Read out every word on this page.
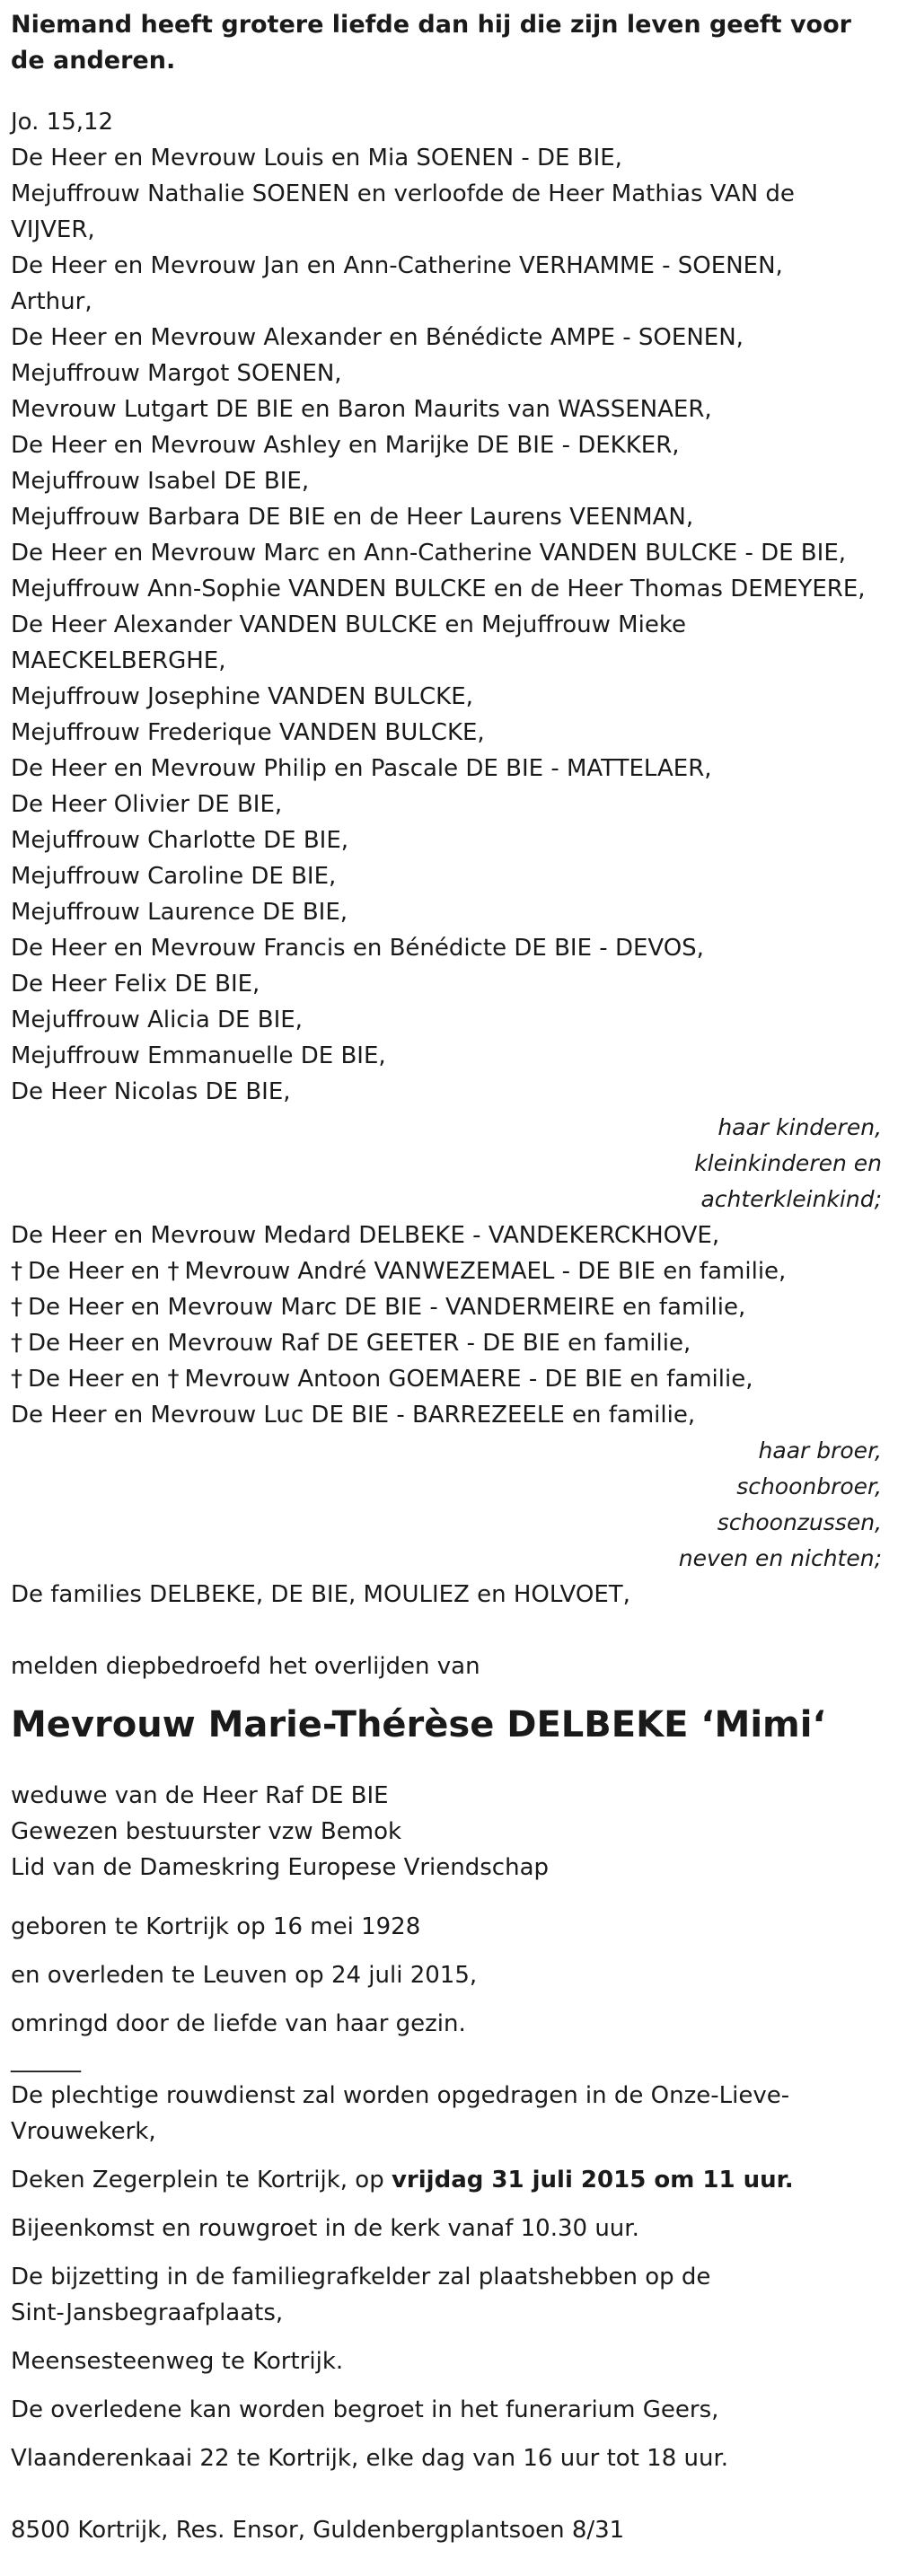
Niemand heeft grotere liefde dan hij die zijn leven geeft voor de anderen.
Jo. 15,12
De Heer en Mevrouw Louis en Mia SOENEN - DE BIE,
Mejuffrouw Nathalie SOENEN en verloofde de Heer Mathias VAN de
VIJVER,
De Heer en Mevrouw Jan en Ann-Catherine VERHAMME - SOENEN,
Arthur,
De Heer en Mevrouw Alexander en Bénédicte AMPE - SOENEN,
Mejuffrouw Margot SOENEN,
Mevrouw Lutgart DE BIE en Baron Maurits van WASSENAER,
De Heer en Mevrouw Ashley en Marijke DE BIE - DEKKER,
Mejuffrouw Isabel DE BIE,
Mejuffrouw Barbara DE BIE en de Heer Laurens VEENMAN,
De Heer en Mevrouw Marc en Ann-Catherine VANDEN BULCKE - DE BIE,
Mejuffrouw Ann-Sophie VANDEN BULCKE en de Heer Thomas DEMEYERE,
De Heer Alexander VANDEN BULCKE en Mejuffrouw Mieke
MAECKELBERGHE,
Mejuffrouw Josephine VANDEN BULCKE,
Mejuffrouw Frederique VANDEN BULCKE,
De Heer en Mevrouw Philip en Pascale DE BIE - MATTELAER,
De Heer Olivier DE BIE,
Mejuffrouw Charlotte DE BIE,
Mejuffrouw Caroline DE BIE,
Mejuffrouw Laurence DE BIE,
De Heer en Mevrouw Francis en Bénédicte DE BIE - DEVOS,
De Heer Felix DE BIE,
Mejuffrouw Alicia DE BIE,
Mejuffrouw Emmanuelle DE BIE,
De Heer Nicolas DE BIE,
haar kinderen,
kleinkinderen en
achterkleinkind;
De Heer en Mevrouw Medard DELBEKE - VANDEKERCKHOVE,
† De Heer en † Mevrouw André VANWEZEMAEL - DE BIE en familie,
† De Heer en Mevrouw Marc DE BIE - VANDERMEIRE en familie,
† De Heer en Mevrouw Raf DE GEETER - DE BIE en familie,
† De Heer en † Mevrouw Antoon GOEMAERE - DE BIE en familie,
De Heer en Mevrouw Luc DE BIE - BARREZEELE en familie,
haar broer,
schoonbroer,
schoonzussen,
neven en nichten;
De families DELBEKE, DE BIE, MOULIEZ en HOLVOET,
melden diepbedroefd het overlijden van
Mevrouw Marie-Thérèse DELBEKE ‘Mimi‘
weduwe van de Heer Raf DE BIE
Gewezen bestuurster vzw Bemok
Lid van de Dameskring Europese Vriendschap
geboren te Kortrijk op 16 mei 1928
en overleden te Leuven op 24 juli 2015,
omringd door de liefde van haar gezin.
______
De plechtige rouwdienst zal worden opgedragen in de Onze-Lieve-
Vrouwekerk,
Deken Zegerplein te Kortrijk, op vrijdag 31 juli 2015 om 11 uur.
Bijeenkomst en rouwgroet in de kerk vanaf 10.30 uur.
De bijzetting in de familiegrafkelder zal plaatshebben op de
Sint-Jansbegraafplaats,
Meensesteenweg te Kortrijk.
De overledene kan worden begroet in het funerarium Geers,
Vlaanderenkaai 22 te Kortrijk, elke dag van 16 uur tot 18 uur.
8500 Kortrijk, Res. Ensor, Guldenbergplantsoen 8/31
